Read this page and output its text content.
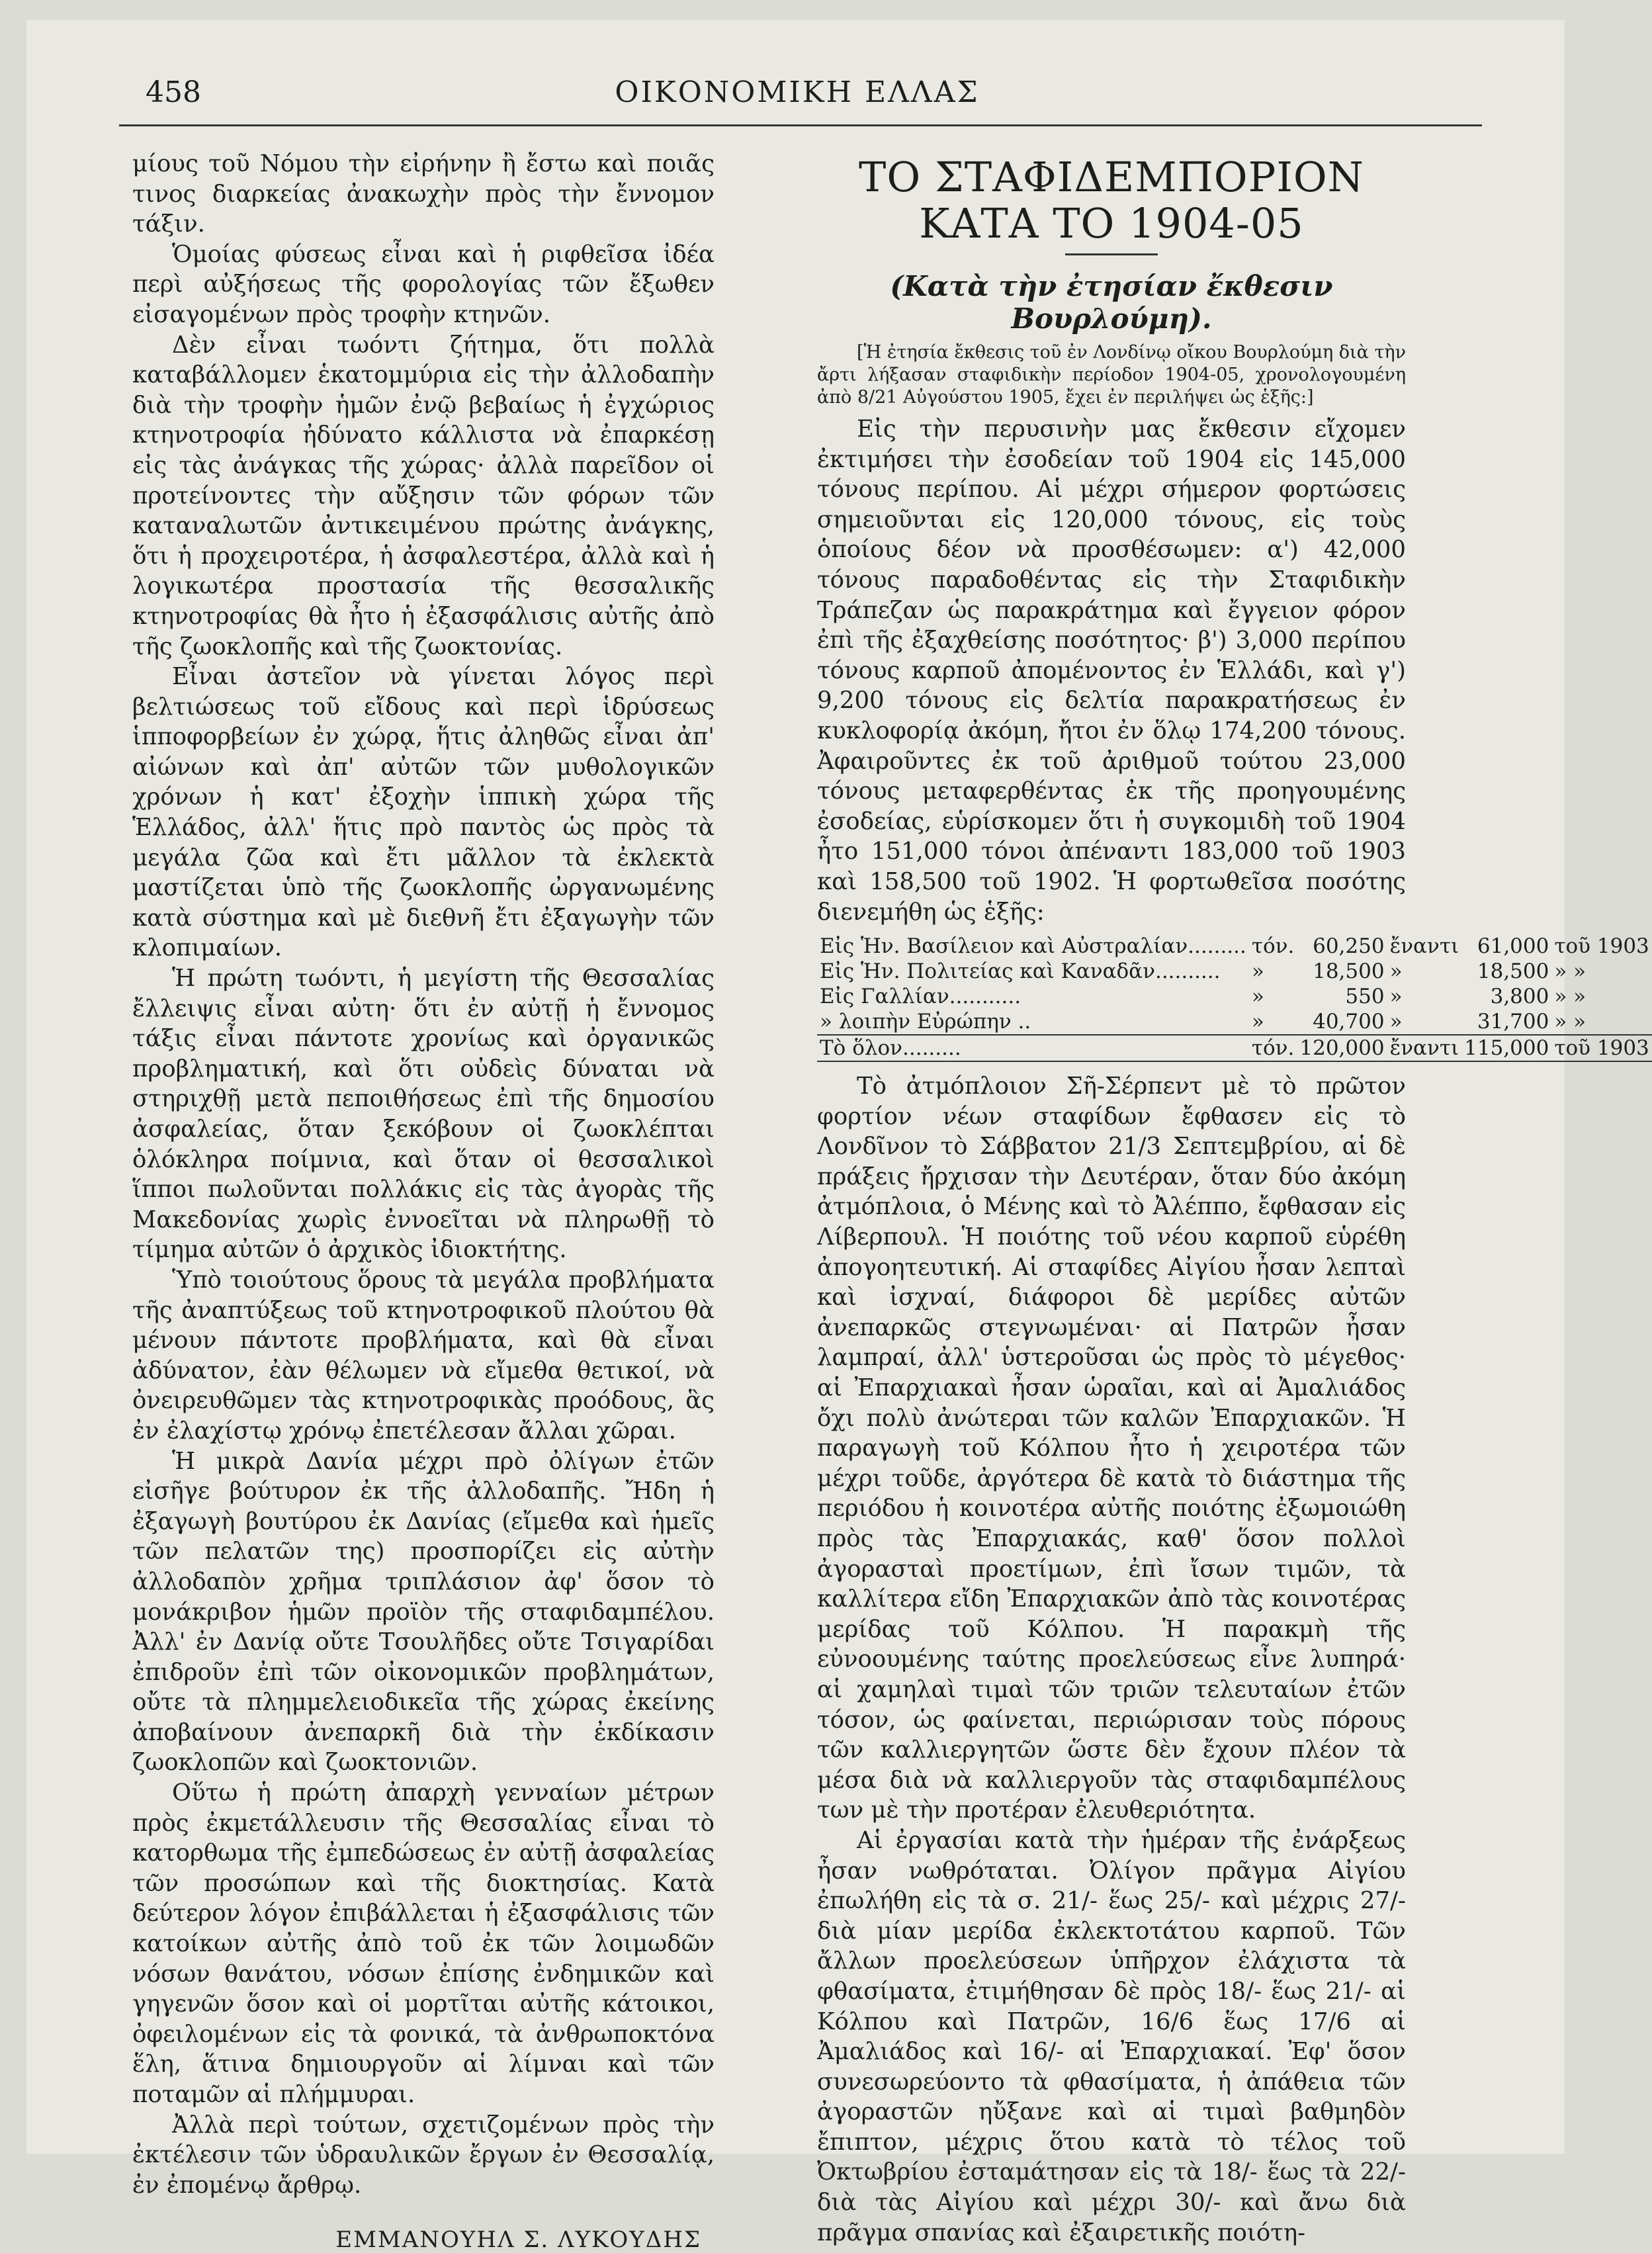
458	ΟΙΚΟΝΟΜΙΚΗ ΕΛΛΑΣ

μίους τοῦ Νόμου τὴν εἰρήνην ἢ ἔστω καὶ ποιᾶς τινος διαρκείας ἀνακωχὴν πρὸς τὴν ἔννομον τάξιν.

Ὁμοίας φύσεως εἶναι καὶ ἡ ριφθεῖσα ἰδέα περὶ αὐξήσεως τῆς φορολογίας τῶν ἔξωθεν εἰσαγομένων πρὸς τροφὴν κτηνῶν.

Δὲν εἶναι τωόντι ζήτημα, ὅτι πολλὰ καταβάλλομεν ἑκατομμύρια εἰς τὴν ἀλλοδαπὴν διὰ τὴν τροφὴν ἡμῶν ἐνῷ βεβαίως ἡ ἐγχώριος κτηνοτροφία ἠδύνατο κάλλιστα νὰ ἐπαρκέσῃ εἰς τὰς ἀνάγκας τῆς χώρας· ἀλλὰ παρεῖδον οἱ προτείνοντες τὴν αὔξησιν τῶν φόρων τῶν καταναλωτῶν ἀντικειμένου πρώτης ἀνάγκης, ὅτι ἡ προχειροτέρα, ἡ ἀσφαλεστέρα, ἀλλὰ καὶ ἡ λογικωτέρα προστασία τῆς θεσσαλικῆς κτηνοτροφίας θὰ ἦτο ἡ ἐξασφάλισις αὐτῆς ἀπὸ τῆς ζωοκλοπῆς καὶ τῆς ζωοκτονίας.

Εἶναι ἀστεῖον νὰ γίνεται λόγος περὶ βελτιώσεως τοῦ εἴδους καὶ περὶ ἱδρύσεως ἱπποφορβείων ἐν χώρᾳ, ἥτις ἀληθῶς εἶναι ἀπ' αἰώνων καὶ ἀπ' αὐτῶν τῶν μυθολογικῶν χρόνων ἡ κατ' ἐξοχὴν ἱππικὴ χώρα τῆς Ἑλλάδος, ἀλλ' ἥτις πρὸ παντὸς ὡς πρὸς τὰ μεγάλα ζῶα καὶ ἔτι μᾶλλον τὰ ἐκλεκτὰ μαστίζεται ὑπὸ τῆς ζωοκλοπῆς ὠργανωμένης κατὰ σύστημα καὶ μὲ διεθνῆ ἔτι ἐξαγωγὴν τῶν κλοπιμαίων.

Ἡ πρώτη τωόντι, ἡ μεγίστη τῆς Θεσσαλίας ἔλλειψις εἶναι αὐτη· ὅτι ἐν αὐτῇ ἡ ἔννομος τάξις εἶναι πάντοτε χρονίως καὶ ὀργανικῶς προβληματική, καὶ ὅτι οὐδεὶς δύναται νὰ στηριχθῇ μετὰ πεποιθήσεως ἐπὶ τῆς δημοσίου ἀσφαλείας, ὅταν ξεκόβουν οἱ ζωοκλέπται ὁλόκληρα ποίμνια, καὶ ὅταν οἱ θεσσαλικοὶ ἵπποι πωλοῦνται πολλάκις εἰς τὰς ἀγορὰς τῆς Μακεδονίας χωρὶς ἐννοεῖται νὰ πληρωθῇ τὸ τίμημα αὐτῶν ὁ ἀρχικὸς ἰδιοκτήτης.

Ὑπὸ τοιούτους ὅρους τὰ μεγάλα προβλήματα τῆς ἀναπτύξεως τοῦ κτηνοτροφικοῦ πλούτου θὰ μένουν πάντοτε προβλήματα, καὶ θὰ εἶναι ἀδύνατον, ἐὰν θέλωμεν νὰ εἴμεθα θετικοί, νὰ ὀνειρευθῶμεν τὰς κτηνοτροφικὰς προόδους, ἃς ἐν ἐλαχίστῳ χρόνῳ ἐπετέλεσαν ἄλλαι χῶραι.

Ἡ μικρὰ Δανία μέχρι πρὸ ὀλίγων ἐτῶν εἰσῆγε βούτυρον ἐκ τῆς ἀλλοδαπῆς. Ἤδη ἡ ἐξαγωγὴ βουτύρου ἐκ Δανίας (εἴμεθα καὶ ἡμεῖς τῶν πελατῶν της) προσπορίζει εἰς αὐτὴν ἀλλοδαπὸν χρῆμα τριπλάσιον ἀφ' ὅσον τὸ μονάκριβον ἡμῶν προϊὸν τῆς σταφιδαμπέλου. Ἀλλ' ἐν Δανίᾳ οὔτε Τσουλῆδες οὔτε Τσιγαρίδαι ἐπιδροῦν ἐπὶ τῶν οἰκονομικῶν προβλημάτων, οὔτε τὰ πλημμελειοδικεῖα τῆς χώρας ἐκείνης ἀποβαίνουν ἀνεπαρκῆ διὰ τὴν ἐκδίκασιν ζωοκλοπῶν καὶ ζωοκτονιῶν.

Οὕτω ἡ πρώτη ἀπαρχὴ γενναίων μέτρων πρὸς ἐκμετάλλευσιν τῆς Θεσσαλίας εἶναι τὸ κατορθωμα τῆς ἐμπεδώσεως ἐν αὐτῇ ἀσφαλείας τῶν προσώπων καὶ τῆς διοκτησίας. Κατὰ δεύτερον λόγον ἐπιβάλλεται ἡ ἐξασφάλισις τῶν κατοίκων αὐτῆς ἀπὸ τοῦ ἐκ τῶν λοιμωδῶν νόσων θανάτου, νόσων ἐπίσης ἐνδημικῶν καὶ γηγενῶν ὅσον καὶ οἱ μορτῖται αὐτῆς κάτοικοι, ὀφειλομένων εἰς τὰ φονικά, τὰ ἀνθρωποκτόνα ἕλη, ἅτινα δημιουργοῦν αἱ λίμναι καὶ τῶν ποταμῶν αἱ πλήμμυραι.

Ἀλλὰ περὶ τούτων, σχετιζομένων πρὸς τὴν ἐκτέλεσιν τῶν ὑδραυλικῶν ἔργων ἐν Θεσσαλίᾳ, ἐν ἐπομένῳ ἄρθρῳ.

ΕΜΜΑΝΟΥΗΛ Σ. ΛΥΚΟΥΔΗΣ
ΤΟ ΣΤΑΦΙΔΕΜΠΟΡΙΟΝ ΚΑΤΑ ΤΟ 1904-05
(Κατὰ τὴν ἐτησίαν ἔκθεσιν Βουρλούμη).

[Ἡ ἐτησία ἔκθεσις τοῦ ἐν Λονδίνῳ οἴκου Βουρλούμη διὰ τὴν ἄρτι λήξασαν σταφιδικὴν περίοδον 1904-05, χρονολογουμένη ἀπὸ 8/21 Αὐγούστου 1905, ἔχει ἐν περιλήψει ὡς ἑξῆς:]

Εἰς τὴν περυσινὴν μας ἔκθεσιν εἴχομεν ἐκτιμήσει τὴν ἐσοδείαν τοῦ 1904 εἰς 145,000 τόνους περίπου. Αἱ μέχρι σήμερον φορτώσεις σημειοῦνται εἰς 120,000 τόνους, εἰς τοὺς ὁποίους δέον νὰ προσθέσωμεν: α') 42,000 τόνους παραδοθέντας εἰς τὴν Σταφιδικὴν Τράπεζαν ὡς παρακράτημα καὶ ἔγγειον φόρον ἐπὶ τῆς ἐξαχθείσης ποσότητος· β') 3,000 περίπου τόνους καρποῦ ἀπομένοντος ἐν Ἑλλάδι, καὶ γ') 9,200 τόνους εἰς δελτία παρακρατήσεως ἐν κυκλοφορίᾳ ἀκόμη, ἤτοι ἐν ὅλῳ 174,200 τόνους. Ἀφαιροῦντες ἐκ τοῦ ἀριθμοῦ τούτου 23,000 τόνους μεταφερθέντας ἐκ τῆς προηγουμένης ἐσοδείας, εὑρίσκομεν ὅτι ἡ συγκομιδὴ τοῦ 1904 ἦτο 151,000 τόνοι ἀπέναντι 183,000 τοῦ 1903 καὶ 158,500 τοῦ 1902. Ἡ φορτωθεῖσα ποσότης διενεμήθη ὡς ἑξῆς:

Εἰς Ἡν. Βασίλειον καὶ Αὐστραλίαν.........	τόν.	60,250	ἔναντι	61,000	τοῦ 1903
Εἰς Ἡν. Πολιτείας καὶ Καναδᾶν..........	»	18,500	»	18,500	» »
Εἰς Γαλλίαν...........	»	550	»	3,800	» »
» λοιπὴν Εὐρώπην ..	»	40,700	»	31,700	» »
Τὸ ὅλον.........	τόν.	120,000	ἔναντι	115,000	τοῦ 1903

Τὸ ἀτμόπλοιον Σῆ-Σέρπεντ μὲ τὸ πρῶτον φορτίον νέων σταφίδων ἔφθασεν εἰς τὸ Λονδῖνον τὸ Σάββατον 21/3 Σεπτεμβρίου, αἱ δὲ πράξεις ἤρχισαν τὴν Δευτέραν, ὅταν δύο ἀκόμη ἀτμόπλοια, ὁ Μένης καὶ τὸ Ἀλέππο, ἔφθασαν εἰς Λίβερπουλ. Ἡ ποιότης τοῦ νέου καρποῦ εὑρέθη ἀπογοητευτική. Αἱ σταφίδες Αἰγίου ἦσαν λεπταὶ καὶ ἰσχναί, διάφοροι δὲ μερίδες αὐτῶν ἀνεπαρκῶς στεγνωμέναι· αἱ Πατρῶν ἦσαν λαμπραί, ἀλλ' ὑστεροῦσαι ὡς πρὸς τὸ μέγεθος· αἱ Ἐπαρχιακαὶ ἦσαν ὡραῖαι, καὶ αἱ Ἀμαλιάδος ὄχι πολὺ ἀνώτεραι τῶν καλῶν Ἐπαρχιακῶν. Ἡ παραγωγὴ τοῦ Κόλπου ἦτο ἡ χειροτέρα τῶν μέχρι τοῦδε, ἀργότερα δὲ κατὰ τὸ διάστημα τῆς περιόδου ἡ κοινοτέρα αὐτῆς ποιότης ἐξωμοιώθη πρὸς τὰς Ἐπαρχιακάς, καθ' ὅσον πολλοὶ ἀγορασταὶ προετίμων, ἐπὶ ἴσων τιμῶν, τὰ καλλίτερα εἴδη Ἐπαρχιακῶν ἀπὸ τὰς κοινοτέρας μερίδας τοῦ Κόλπου. Ἡ παρακμὴ τῆς εὐνοουμένης ταύτης προελεύσεως εἶνε λυπηρά· αἱ χαμηλαὶ τιμαὶ τῶν τριῶν τελευταίων ἐτῶν τόσον, ὡς φαίνεται, περιώρισαν τοὺς πόρους τῶν καλλιεργητῶν ὥστε δὲν ἔχουν πλέον τὰ μέσα διὰ νὰ καλλιεργοῦν τὰς σταφιδαμπέλους των μὲ τὴν προτέραν ἐλευθεριότητα.

Αἱ ἐργασίαι κατὰ τὴν ἡμέραν τῆς ἐνάρξεως ἦσαν νωθρόταται. Ὀλίγον πρᾶγμα Αἰγίου ἐπωλήθη εἰς τὰ σ. 21/- ἕως 25/- καὶ μέχρις 27/- διὰ μίαν μερίδα ἐκλεκτοτάτου καρποῦ. Τῶν ἄλλων προελεύσεων ὑπῆρχον ἐλάχιστα τὰ φθασίματα, ἐτιμήθησαν δὲ πρὸς 18/- ἕως 21/- αἱ Κόλπου καὶ Πατρῶν, 16/6 ἕως 17/6 αἱ Ἀμαλιάδος καὶ 16/- αἱ Ἐπαρχιακαί. Ἐφ' ὅσον συνεσωρεύοντο τὰ φθασίματα, ἡ ἀπάθεια τῶν ἀγοραστῶν ηὔξανε καὶ αἱ τιμαὶ βαθμηδὸν ἔπιπτον, μέχρις ὅτου κατὰ τὸ τέλος τοῦ Ὀκτωβρίου ἐσταμάτησαν εἰς τὰ 18/- ἕως τὰ 22/- διὰ τὰς Αἰγίου καὶ μέχρι 30/- καὶ ἄνω διὰ πρᾶγμα σπανίας καὶ ἐξαιρετικῆς ποιότη-
